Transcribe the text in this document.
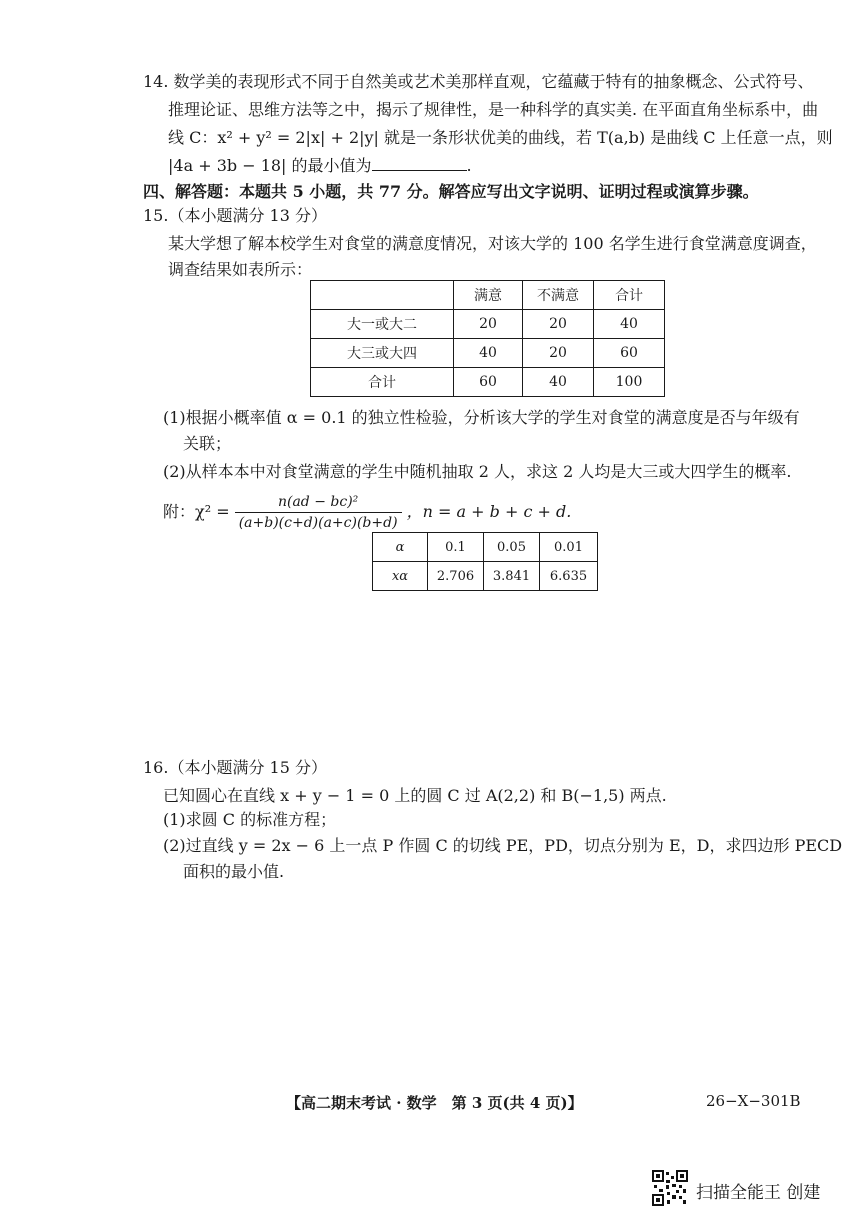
14. 数学美的表现形式不同于自然美或艺术美那样直观，它蕴藏于特有的抽象概念、公式符号、
推理论证、思维方法等之中，揭示了规律性，是一种科学的真实美. 在平面直角坐标系中，曲
线 C：x² + y² = 2|x| + 2|y| 就是一条形状优美的曲线，若 T(a,b) 是曲线 C 上任意一点，则
|4a + 3b − 18| 的最小值为	.
四、解答题：本题共 5 小题，共 77 分。解答应写出文字说明、证明过程或演算步骤。
15.（本小题满分 13 分）
某大学想了解本校学生对食堂的满意度情况，对该大学的 100 名学生进行食堂满意度调查，
调查结果如表所示：
	满意	不满意	合计
大一或大二	20	20	40
大三或大四	40	20	60
合计	60	40	100
(1)根据小概率值 α = 0.1 的独立性检验，分析该大学的学生对食堂的满意度是否与年级有
关联；
(2)从样本本中对食堂满意的学生中随机抽取 2 人，求这 2 人均是大三或大四学生的概率.
附：$\chi^2 = \frac{\text{n(ad − bc)²}}{(a+b)(c+d)(a+c)(b+d)}$ ，n = a + b + c + d.
α	0.1	0.05	0.01
xα	2.706	3.841	6.635
16.（本小题满分 15 分）
已知圆心在直线 x + y − 1 = 0 上的圆 C 过 A(2,2) 和 B(−1,5) 两点.
(1)求圆 C 的标准方程；
(2)过直线 y = 2x − 6 上一点 P 作圆 C 的切线 PE，PD，切点分别为 E，D，求四边形 PECD
面积的最小值.
【高二期末考试 · 数学　第 3 页(共 4 页)】	26−X−301B
扫描全能王 创建
